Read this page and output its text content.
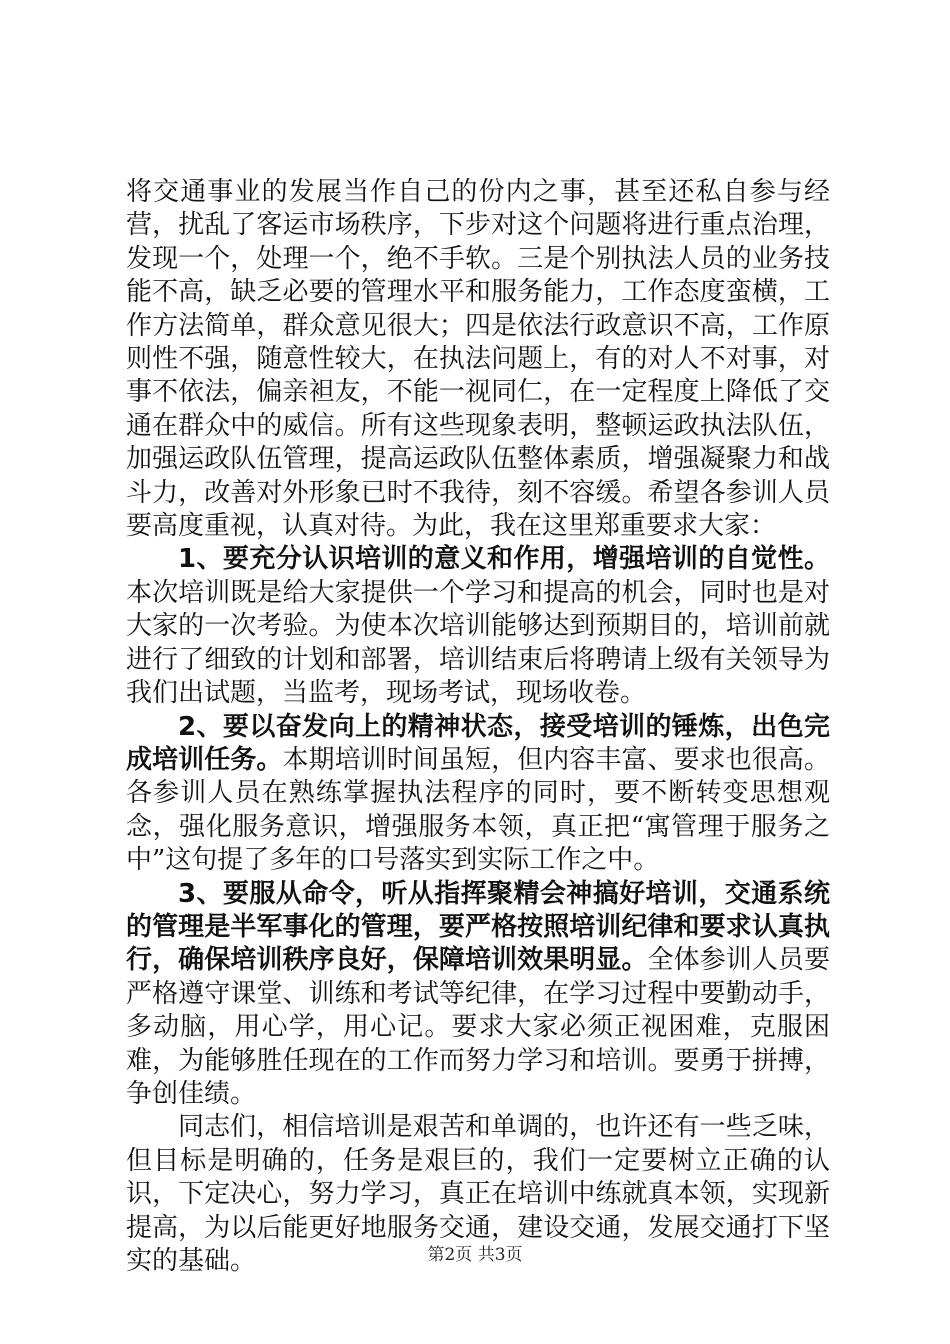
将交通事业的发展当作自己的份内之事，甚至还私自参与经营，扰乱了客运市场秩序，下步对这个问题将进行重点治理，发现一个，处理一个，绝不手软。三是个别执法人员的业务技能不高，缺乏必要的管理水平和服务能力，工作态度蛮横，工作方法简单，群众意见很大；四是依法行政意识不高，工作原则性不强，随意性较大，在执法问题上，有的对人不对事，对事不依法，偏亲袒友，不能一视同仁，在一定程度上降低了交通在群众中的威信。所有这些现象表明，整顿运政执法队伍，加强运政队伍管理，提高运政队伍整体素质，增强凝聚力和战斗力，改善对外形象已时不我待，刻不容缓。希望各参训人员要高度重视，认真对待。为此，我在这里郑重要求大家：

1、要充分认识培训的意义和作用，增强培训的自觉性。本次培训既是给大家提供一个学习和提高的机会，同时也是对大家的一次考验。为使本次培训能够达到预期目的，培训前就进行了细致的计划和部署，培训结束后将聘请上级有关领导为我们出试题，当监考，现场考试，现场收卷。

2、要以奋发向上的精神状态，接受培训的锤炼，出色完成培训任务。本期培训时间虽短，但内容丰富、要求也很高。各参训人员在熟练掌握执法程序的同时，要不断转变思想观念，强化服务意识，增强服务本领，真正把“寓管理于服务之中”这句提了多年的口号落实到实际工作之中。

3、要服从命令，听从指挥聚精会神搞好培训，交通系统的管理是半军事化的管理，要严格按照培训纪律和要求认真执行，确保培训秩序良好，保障培训效果明显。全体参训人员要严格遵守课堂、训练和考试等纪律，在学习过程中要勤动手，多动脑，用心学，用心记。要求大家必须正视困难，克服困难，为能够胜任现在的工作而努力学习和培训。要勇于拼搏，争创佳绩。

同志们，相信培训是艰苦和单调的，也许还有一些乏味，但目标是明确的，任务是艰巨的，我们一定要树立正确的认识，下定决心，努力学习，真正在培训中练就真本领，实现新提高，为以后能更好地服务交通，建设交通，发展交通打下坚实的基础。	第2页 共3页
